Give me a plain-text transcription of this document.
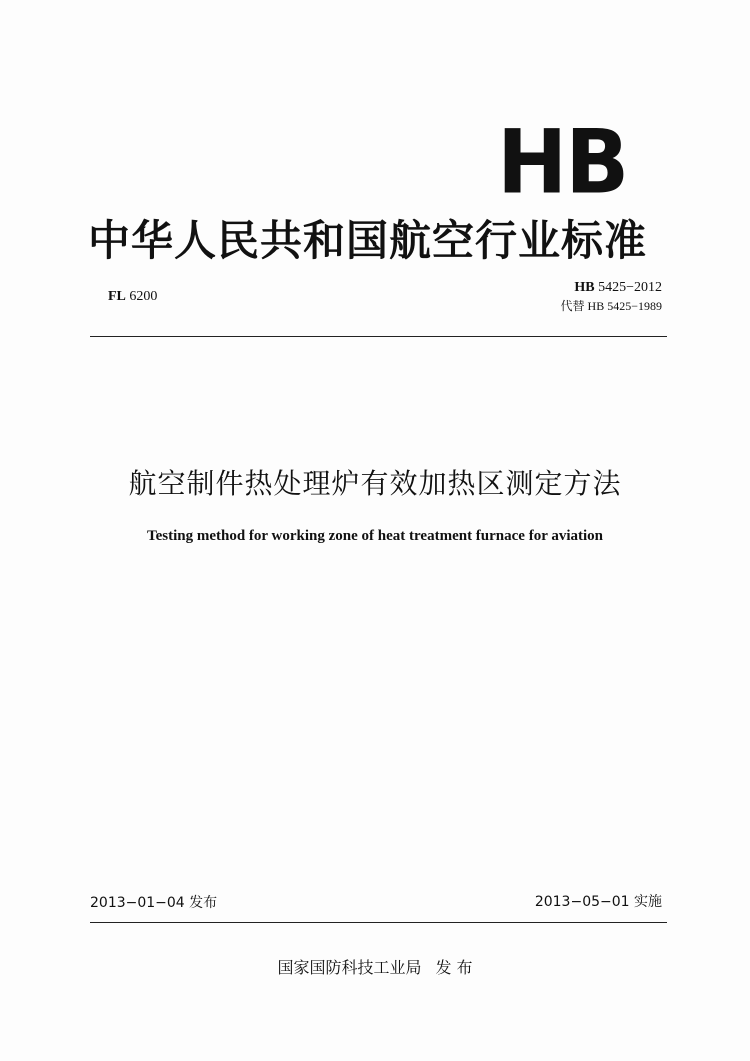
HB
中华人民共和国航空行业标准
FL 6200
HB 5425−2012
代替 HB 5425−1989
航空制件热处理炉有效加热区测定方法
Testing method for working zone of heat treatment furnace for aviation
2013−01−04 发布	2013−05−01 实施
国家国防科技工业局 发 布
